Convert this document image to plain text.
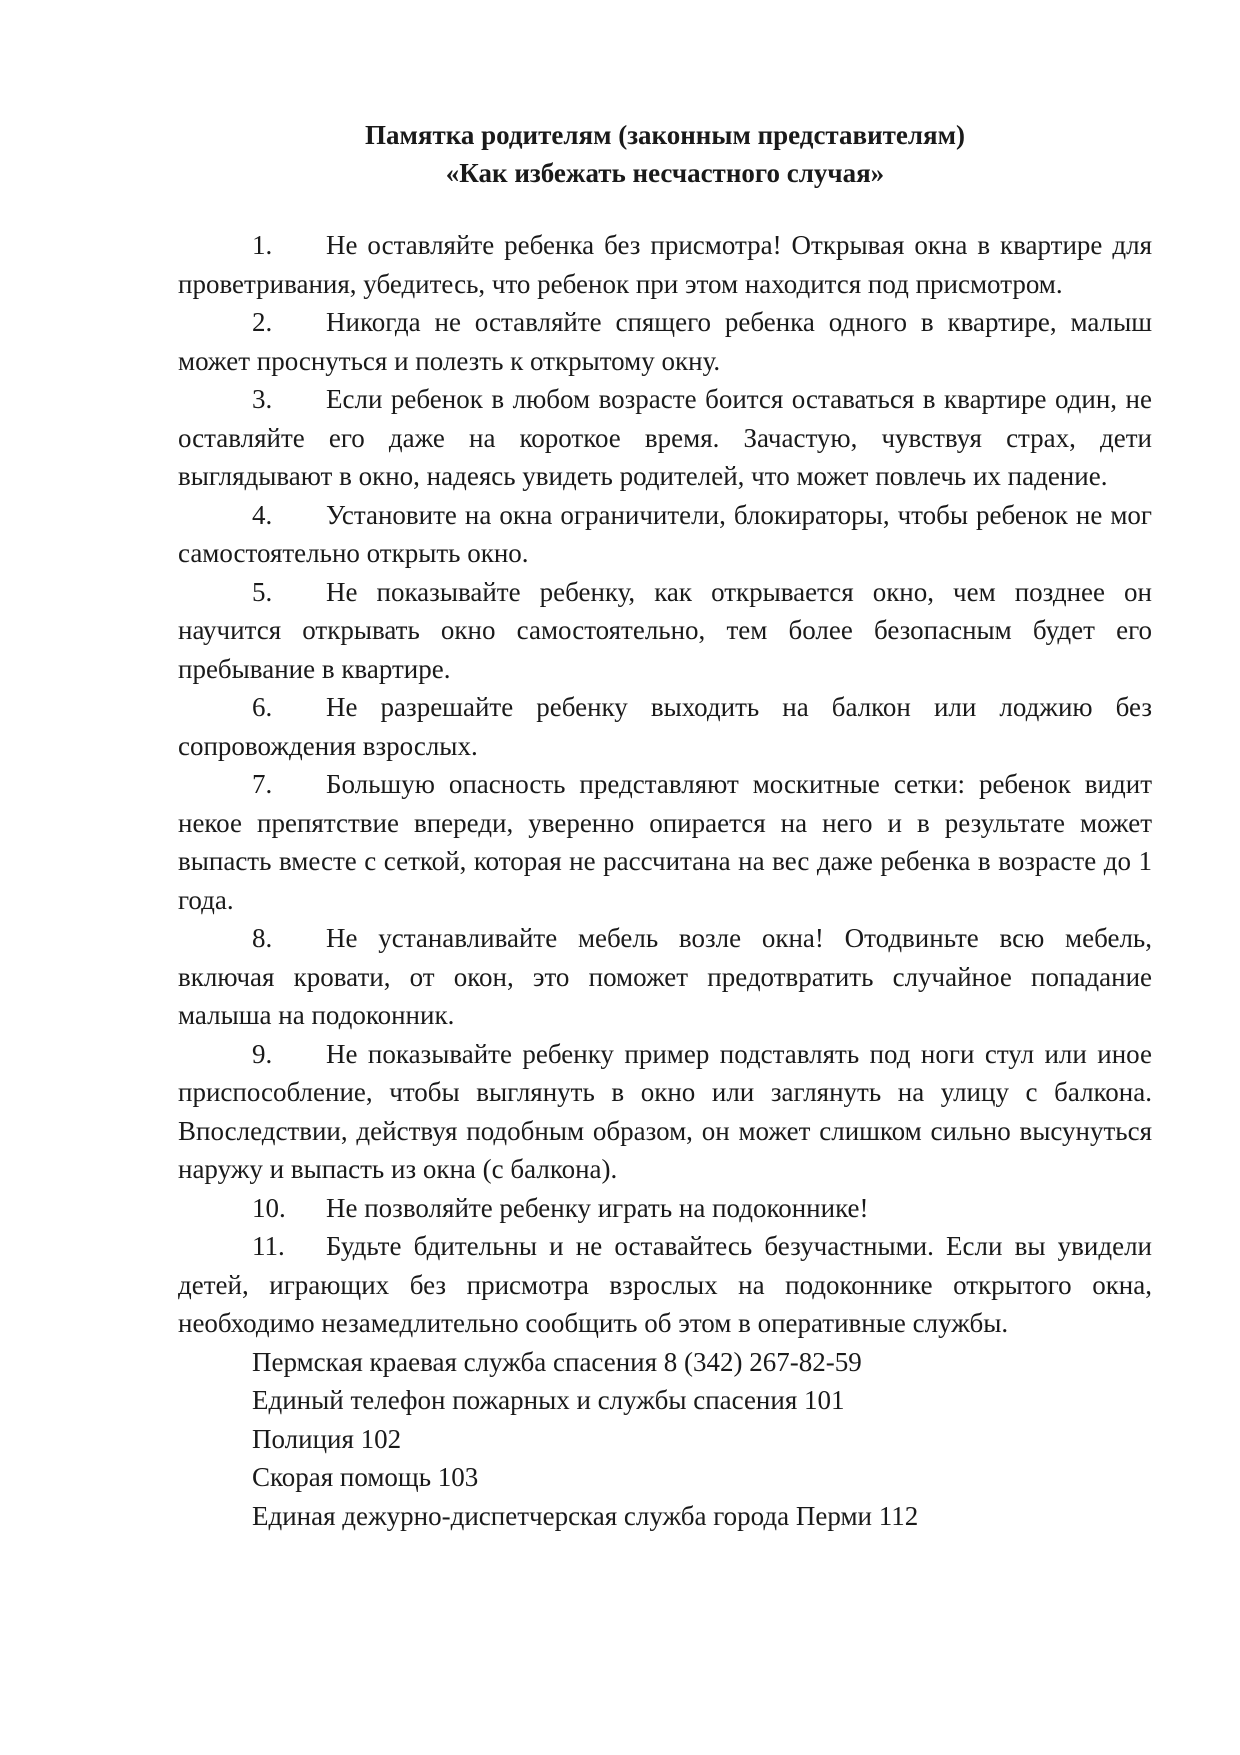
Памятка родителям (законным представителям)
«Как избежать несчастного случая»

1. Не оставляйте ребенка без присмотра! Открывая окна в квартире для проветривания, убедитесь, что ребенок при этом находится под присмотром.

2. Никогда не оставляйте спящего ребенка одного в квартире, малыш может проснуться и полезть к открытому окну.

3. Если ребенок в любом возрасте боится оставаться в квартире один, не оставляйте его даже на короткое время. Зачастую, чувствуя страх, дети выглядывают в окно, надеясь увидеть родителей, что может повлечь их падение.

4. Установите на окна ограничители, блокираторы, чтобы ребенок не мог самостоятельно открыть окно.

5. Не показывайте ребенку, как открывается окно, чем позднее он научится открывать окно самостоятельно, тем более безопасным будет его пребывание в квартире.

6. Не разрешайте ребенку выходить на балкон или лоджию без сопровождения взрослых.

7. Большую опасность представляют москитные сетки: ребенок видит некое препятствие впереди, уверенно опирается на него и в результате может выпасть вместе с сеткой, которая не рассчитана на вес даже ребенка в возрасте до 1 года.

8. Не устанавливайте мебель возле окна! Отодвиньте всю мебель, включая кровати, от окон, это поможет предотвратить случайное попадание малыша на подоконник.

9. Не показывайте ребенку пример подставлять под ноги стул или иное приспособление, чтобы выглянуть в окно или заглянуть на улицу с балкона. Впоследствии, действуя подобным образом, он может слишком сильно высунуться наружу и выпасть из окна (с балкона).

10. Не позволяйте ребенку играть на подоконнике!

11. Будьте бдительны и не оставайтесь безучастными. Если вы увидели детей, играющих без присмотра взрослых на подоконнике открытого окна, необходимо незамедлительно сообщить об этом в оперативные службы.

Пермская краевая служба спасения 8 (342) 267-82-59

Единый телефон пожарных и службы спасения 101

Полиция 102

Скорая помощь 103

Единая дежурно-диспетчерская служба города Перми 112
